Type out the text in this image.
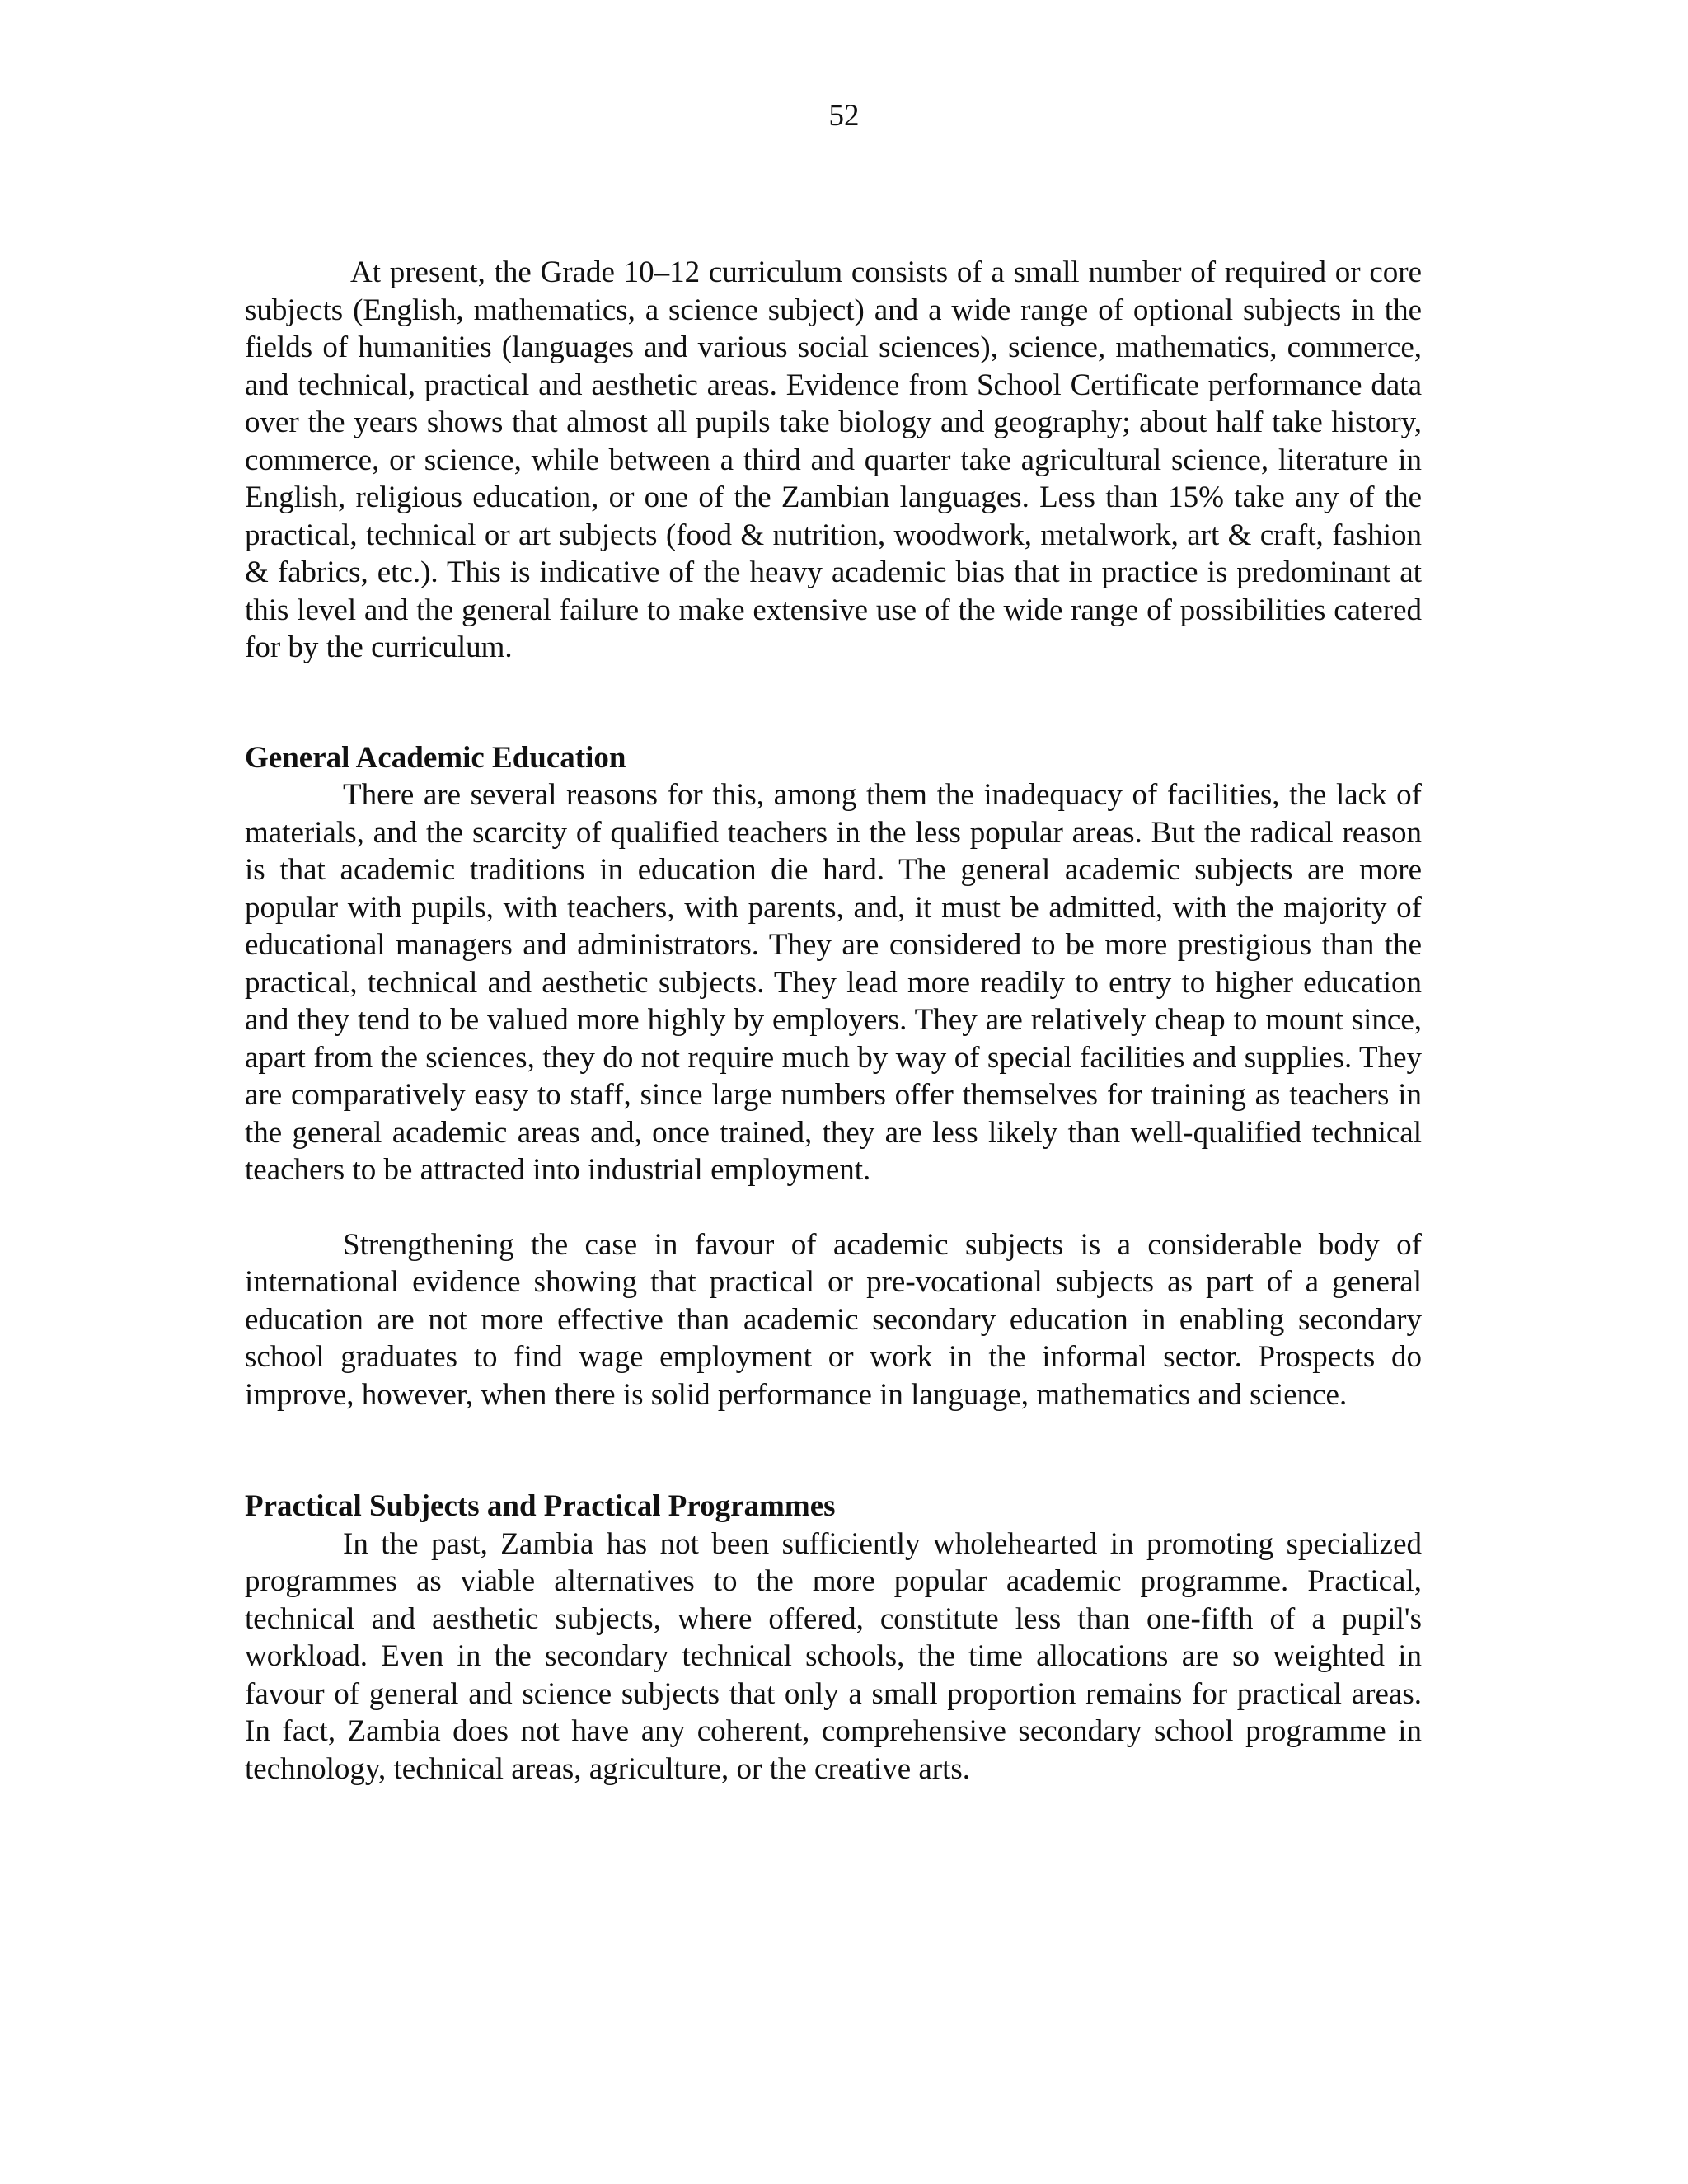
52

At present, the Grade 10–12 curriculum consists of a small number of required or core subjects (English, mathematics, a science subject) and a wide range of optional subjects in the fields of humanities (languages and various social sciences), science, mathematics, commerce, and technical, practical and aesthetic areas. Evidence from School Certificate performance data over the years shows that almost all pupils take biology and geography; about half take history, commerce, or science, while between a third and quarter take agricultural science, literature in English, religious education, or one of the Zambian languages. Less than 15% take any of the practical, technical or art subjects (food & nutrition, woodwork, metalwork, art & craft, fashion & fabrics, etc.). This is indicative of the heavy academic bias that in practice is predominant at this level and the general failure to make extensive use of the wide range of possibilities catered for by the curriculum.

General Academic Education

There are several reasons for this, among them the inadequacy of facilities, the lack of materials, and the scarcity of qualified teachers in the less popular areas. But the radical reason is that academic traditions in education die hard. The general academic subjects are more popular with pupils, with teachers, with parents, and, it must be admitted, with the majority of educational managers and administrators. They are considered to be more prestigious than the practical, technical and aesthetic subjects. They lead more readily to entry to higher education and they tend to be valued more highly by employers. They are relatively cheap to mount since, apart from the sciences, they do not require much by way of special facilities and supplies. They are comparatively easy to staff, since large numbers offer themselves for training as teachers in the general academic areas and, once trained, they are less likely than well-qualified technical teachers to be attracted into industrial employment.

Strengthening the case in favour of academic subjects is a considerable body of international evidence showing that practical or pre-vocational subjects as part of a general education are not more effective than academic secondary education in enabling secondary school graduates to find wage employment or work in the informal sector. Prospects do improve, however, when there is solid performance in language, mathematics and science.

Practical Subjects and Practical Programmes

In the past, Zambia has not been sufficiently wholehearted in promoting specialized programmes as viable alternatives to the more popular academic programme. Practical, technical and aesthetic subjects, where offered, constitute less than one-fifth of a pupil's workload. Even in the secondary technical schools, the time allocations are so weighted in favour of general and science subjects that only a small proportion remains for practical areas. In fact, Zambia does not have any coherent, comprehensive secondary school programme in technology, technical areas, agriculture, or the creative arts.
